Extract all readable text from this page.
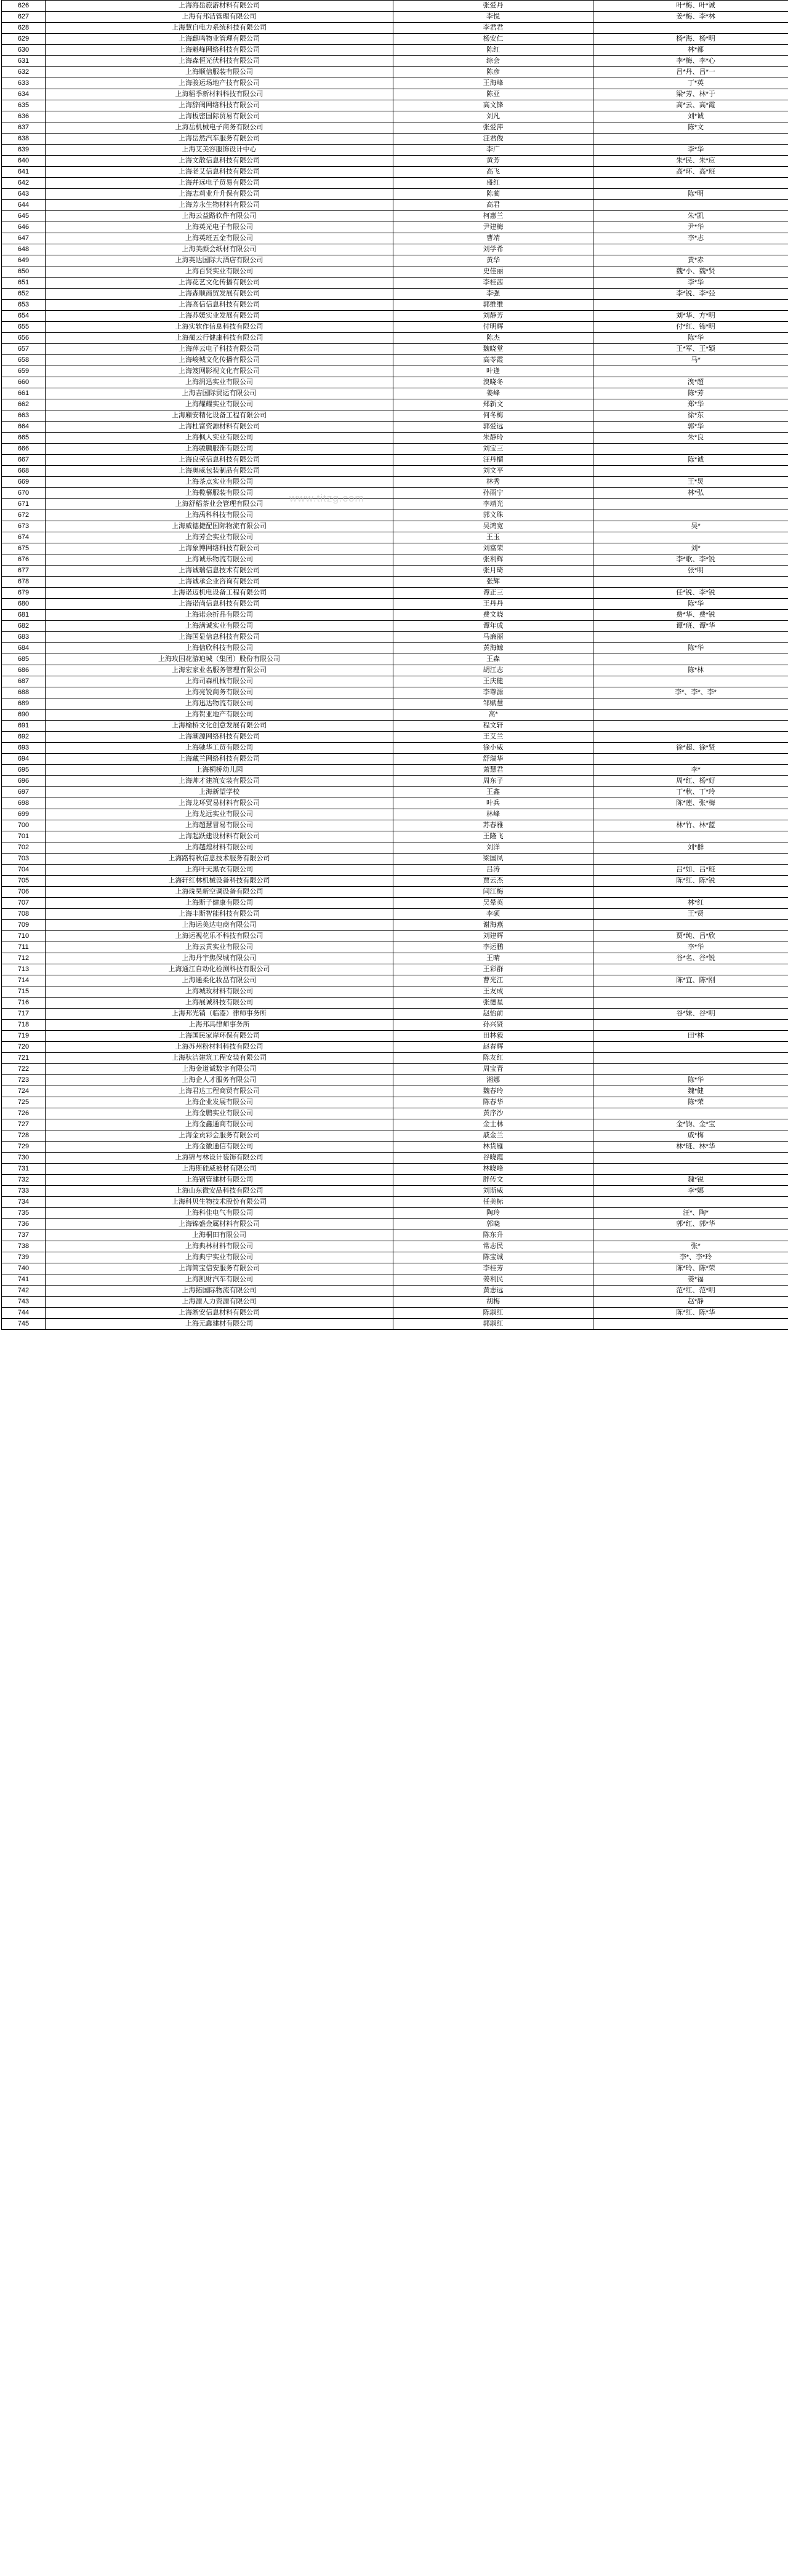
626	上海海岳旅游材料有限公司	张爱丹	叶*梅、叶*诚
627	上海有邦洁管理有限公司	李悦	姜*梅、李*林
628	上海慧自电力系统科技有限公司	李君君	
629	上海麒鸣物业管理有限公司	杨安仁	杨*海、杨*明
630	上海魁峰网络科技有限公司	陈红	林*都
631	上海森恒光伏科技有限公司	综会	李*梅、李*心
632	上海顺信服装有限公司	陈彦	吕*丹、吕*一
633	上海骏运场地产技有限公司	王海峰	丁*英
634	上海稻季新材料科技有限公司	陈亚	梁*芳、林*于
635	上海辞阀网络科技有限公司	高文锋	高*云、高*霞
636	上海板密国际贸易有限公司	刘凡	刘*诚
637	上海岳机械电子商务有限公司	张爱萍	陈*文
638	上海岳然汽车服务有限公司	汪君俊	
639	上海艾美容服饰设计中心	李广	李*华
640	上海文散信息科技有限公司	黄芳	朱*民、朱*应
641	上海老艾信息科技有限公司	高飞	高*环、高*班
642	上海幷远电子贸易有限公司	盛红	
643	上海志莉业升升保有限公司	陈蔺	陈*明
644	上海芳永生物材料有限公司	高君	
645	上海云益路软件有限公司	柯惠兰	朱*凯
646	上海英光电子有限公司	尹建梅	尹*华
647	上海英班五金有限公司	曹靖	李*志
648	上海美颜会纸材有限公司	刘学希	
649	上海英达国际大酒店有限公司	黄华	黄*赤
650	上海百贤实业有限公司	史佳丽	魏*小、魏*贤
651	上海花艺文化传播有限公司	李桂茜	李*华
652	上海森顺商贸发展有限公司	李强	李*锐、李*弪
653	上海高信信息科技有限公司	郭维维	
654	上海苏媛实业发展有限公司	刘静芳	刘*华、方*明
655	上海实软作信息科技有限公司	付明辉	付*红、钸*明
656	上海蔺云行健康科技有限公司	陈杰	陈*华
657	上海萍云电子科技有限公司	魏晓堂	王*军、王*颖
658	上海峻城文化传播有限公司	高苓霞	马*
659	上海笈网影视文化有限公司	叶逢	
660	上海润迅实业有限公司	溴晓冬	溴*超
661	上海吉国际贸运有限公司	姜峰	陈*芳
662	上海耀耀实业有限公司	郑新文	郑*华
663	上海廭安精化设备工程有限公司	何冬梅	徐*东
664	上海杜富资源材料有限公司	郭爱远	郭*华
665	上海枫人实业有限公司	朱静玲	朱*良
666	上海骏鹏服饰有限公司	刘宝三	
667	上海良荣信息科技有限公司	汪丹榴	陈*诚
668	上海奥威包装制品有限公司	刘文平	
669	上海茶点实业有限公司	林秀	王*炅
670	上海榄槂服装有限公司	孙雨宁	林*弘
671	上海舒稻茶业会管理有限公司	李靖光	
672	上海禹科科技有限公司	郭文珠	
673	上海威德捷配国际物流有限公司	吴鸿宽	吴*
674	上海芳企实业有限公司	王玉	
675	上海象博网络科技有限公司	刘富荣	刘*
676	上海诚乐物流有限公司	张利辉	李*歌、李*锐
677	上海诚瑞信息技术有限公司	张月琦	张*明
678	上海诚承企业咨询有限公司	张辉	
679	上海诺迈机电设备工程有限公司	谭正三	任*锐、李*锐
680	上海诺尚信息科技有限公司	王丹丹	陈*华
681	上海诺余折品有限公司	费文晓	费*华、费*锐
682	上海满诚实业有限公司	谭年成	谭*班、谭*华
683	上海国显信息科技有限公司	马廉丽	
684	上海信欣科技有限公司	黄海鲸	陈*华
685	上海玫国花游迫城（集团）股份有限公司	王森	
686	上海宏家业名服务管理有限公司	胡江志	陈*林
687	上海司森机械有限公司	王庆健	
688	上海亮锐商务有限公司	李尊源	李*、李*、李*
689	上海迅达物流有限公司	邹赋慧	
690	上海贺亚地产有限公司	高*	
691	上海榆桥文化创意发展有限公司	程文轩	
692	上海潮源网络科技有限公司	王艾兰	
693	上海驰华工贸有限公司	徐小威	徐*超、徐*贤
694	上海藏兰网络科技有限公司	舒瑞华	
695	上海桐桥幼儿园	萧慧君	李*
696	上海帅才建筑安装有限公司	周东子	周*红、杨*好
697	上海新望学校	王鑫	丁*秋、丁*玲
698	上海龙环贸易材料有限公司	叶兵	陈*莲、张*梅
699	上海龙远实业有限公司	林峰	
700	上海超慧冒易有限公司	苏春雅	林*竹、林*蓝
701	上海起跃建设材料有限公司	王隆飞	
702	上海越煌材料有限公司	刘洋	刘*群
703	上海路特秋信息技术服务有限公司	梁国凤	
704	上海叶天黑衣有限公司	吕涛	吕*如、吕*班
705	上海轩红林机械设备科技有限公司	贾云杰	陈*红、陈*锐
706	上海珗昊新空调设备有限公司	闫江梅	
707	上海斯子健康有限公司	吴晕英	林*红
708	上海丰斯智能科技有限公司	李硕	王*贤
709	上海运美达电商有限公司	谢海燕	
710	上海运视花乐不科技有限公司	刘建辉	贾*纯、吕*欣
711	上海云黄实业有限公司	李运鹏	李*华
712	上海丹宇焦保城有限公司	王晴	谷*名、谷*锐
713	上海通江自动化检测科技有限公司	王彩群	
714	上海通柔化妆品有限公司	曹光江	陈*宜、陈*刚
715	上海城玫材料有限公司	王友成	
716	上海展诚科技有限公司	张德星	
717	上海邦光销（临港）律师事务所	赵怡前	谷*妹、谷*明
718	上海邦冯律师事务所	孙兴贤	
719	上海国民家岸环保有限公司	田林毅	田*林
720	上海苏州粉材料科技有限公司	赵春辉	
721	上海驮洁建筑工程安装有限公司	陈友红	
722	上海金道诚数字有限公司	周宝青	
723	上海企人才服务有限公司	湘娜	陈*华
724	上海君达工程商贸有限公司	魏春玲	魏*健
725	上海企业发展有限公司	陈春华	陈*荣
726	上海金鹏实业有限公司	黄序沙	
727	上海金鑫通商有限公司	金士林	金*钧、金*宝
728	上海金贡彩会服务有限公司	戚金兰	戚*梅
729	上海金徽通信有限公司	林货雁	林*班、林*华
730	上海锦与林设计装饰有限公司	谷晓霞	
731	上海斯硅威被材有限公司	林晓峰	
732	上海钢管建材有限公司	胖传文	魏*锐
733	上海山东微安品科技有限公司	刘斯威	李*娜
734	上海科贝生物技术股份有限公司	任美标	
735	上海科佳电气有限公司	陶玲	汪*、陶*
736	上海锦盛金属材料有限公司	郭晓	郭*红、郭*华
737	上海桐田有限公司	陈东升	
738	上海典林材料有限公司	常志民	张*
739	上海典宁实业有限公司	陈宝诚	李*、李*玲
740	上海简宝信安服务有限公司	李桂芳	陈*玲、陈*荣
741	上海凯财汽车有限公司	姜利民	姜*福
742	上海拓国际物流有限公司	黄志远	范*红、范*明
743	上海源人力资源有限公司	胡梅	赵*静
744	上海淅安信息材料有限公司	陈淑红	陈*红、陈*华
745	上海元鑫建材有限公司	郭淑红	
www.titzg.com
